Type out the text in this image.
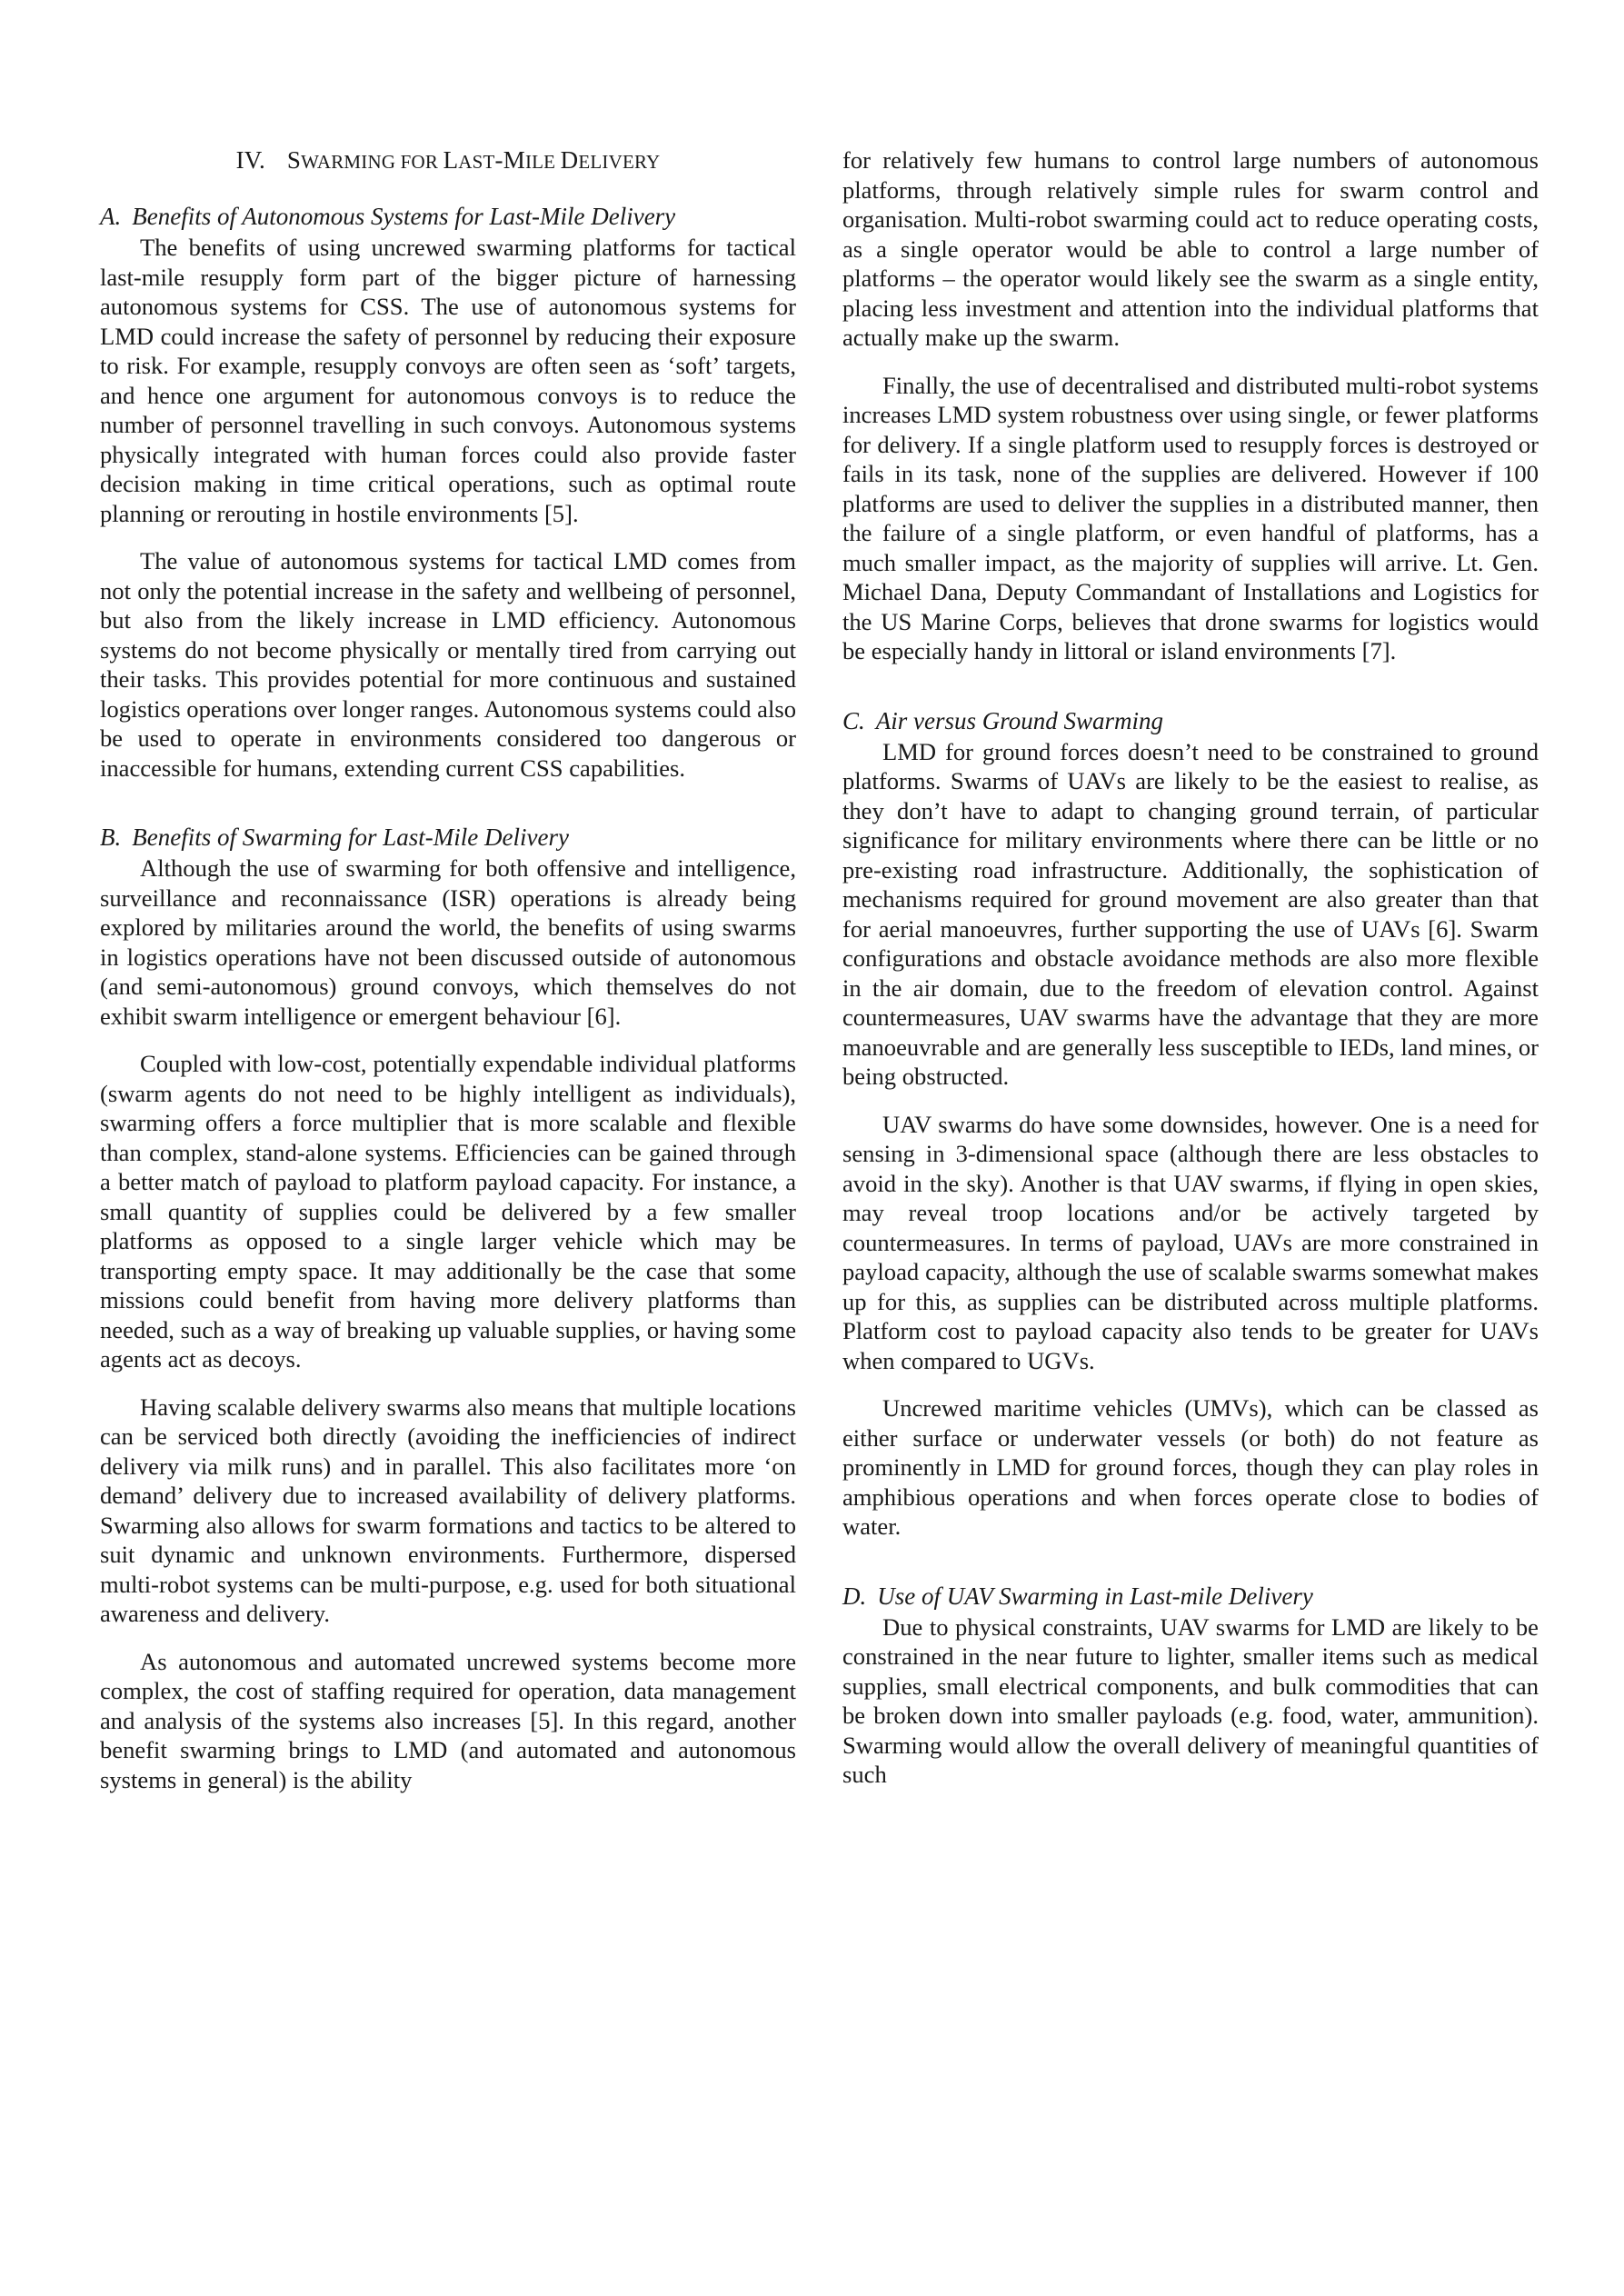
IV. SWARMING FOR LAST-MILE DELIVERY
A. Benefits of Autonomous Systems for Last-Mile Delivery

The benefits of using uncrewed swarming platforms for tactical last-mile resupply form part of the bigger picture of harnessing autonomous systems for CSS. The use of autonomous systems for LMD could increase the safety of personnel by reducing their exposure to risk. For example, resupply convoys are often seen as ‘soft’ targets, and hence one argument for autonomous convoys is to reduce the number of personnel travelling in such convoys. Autonomous systems physically integrated with human forces could also provide faster decision making in time critical operations, such as optimal route planning or rerouting in hostile environments [5].

The value of autonomous systems for tactical LMD comes from not only the potential increase in the safety and wellbeing of personnel, but also from the likely increase in LMD efficiency. Autonomous systems do not become physically or mentally tired from carrying out their tasks. This provides potential for more continuous and sustained logistics operations over longer ranges. Autonomous systems could also be used to operate in environments considered too dangerous or inaccessible for humans, extending current CSS capabilities.

B. Benefits of Swarming for Last-Mile Delivery

Although the use of swarming for both offensive and intelligence, surveillance and reconnaissance (ISR) operations is already being explored by militaries around the world, the benefits of using swarms in logistics operations have not been discussed outside of autonomous (and semi-autonomous) ground convoys, which themselves do not exhibit swarm intelligence or emergent behaviour [6].

Coupled with low-cost, potentially expendable individual platforms (swarm agents do not need to be highly intelligent as individuals), swarming offers a force multiplier that is more scalable and flexible than complex, stand-alone systems. Efficiencies can be gained through a better match of payload to platform payload capacity. For instance, a small quantity of supplies could be delivered by a few smaller platforms as opposed to a single larger vehicle which may be transporting empty space. It may additionally be the case that some missions could benefit from having more delivery platforms than needed, such as a way of breaking up valuable supplies, or having some agents act as decoys.

Having scalable delivery swarms also means that multiple locations can be serviced both directly (avoiding the inefficiencies of indirect delivery via milk runs) and in parallel. This also facilitates more ‘on demand’ delivery due to increased availability of delivery platforms. Swarming also allows for swarm formations and tactics to be altered to suit dynamic and unknown environments. Furthermore, dispersed multi-robot systems can be multi-purpose, e.g. used for both situational awareness and delivery.

As autonomous and automated uncrewed systems become more complex, the cost of staffing required for operation, data management and analysis of the systems also increases [5]. In this regard, another benefit swarming brings to LMD (and automated and autonomous systems in general) is the ability

for relatively few humans to control large numbers of autonomous platforms, through relatively simple rules for swarm control and organisation. Multi-robot swarming could act to reduce operating costs, as a single operator would be able to control a large number of platforms – the operator would likely see the swarm as a single entity, placing less investment and attention into the individual platforms that actually make up the swarm.

Finally, the use of decentralised and distributed multi-robot systems increases LMD system robustness over using single, or fewer platforms for delivery. If a single platform used to resupply forces is destroyed or fails in its task, none of the supplies are delivered. However if 100 platforms are used to deliver the supplies in a distributed manner, then the failure of a single platform, or even handful of platforms, has a much smaller impact, as the majority of supplies will arrive. Lt. Gen. Michael Dana, Deputy Commandant of Installations and Logistics for the US Marine Corps, believes that drone swarms for logistics would be especially handy in littoral or island environments [7].

C. Air versus Ground Swarming

LMD for ground forces doesn’t need to be constrained to ground platforms. Swarms of UAVs are likely to be the easiest to realise, as they don’t have to adapt to changing ground terrain, of particular significance for military environments where there can be little or no pre-existing road infrastructure. Additionally, the sophistication of mechanisms required for ground movement are also greater than that for aerial manoeuvres, further supporting the use of UAVs [6]. Swarm configurations and obstacle avoidance methods are also more flexible in the air domain, due to the freedom of elevation control. Against countermeasures, UAV swarms have the advantage that they are more manoeuvrable and are generally less susceptible to IEDs, land mines, or being obstructed.

UAV swarms do have some downsides, however. One is a need for sensing in 3-dimensional space (although there are less obstacles to avoid in the sky). Another is that UAV swarms, if flying in open skies, may reveal troop locations and/or be actively targeted by countermeasures. In terms of payload, UAVs are more constrained in payload capacity, although the use of scalable swarms somewhat makes up for this, as supplies can be distributed across multiple platforms. Platform cost to payload capacity also tends to be greater for UAVs when compared to UGVs.

Uncrewed maritime vehicles (UMVs), which can be classed as either surface or underwater vessels (or both) do not feature as prominently in LMD for ground forces, though they can play roles in amphibious operations and when forces operate close to bodies of water.

D. Use of UAV Swarming in Last-mile Delivery

Due to physical constraints, UAV swarms for LMD are likely to be constrained in the near future to lighter, smaller items such as medical supplies, small electrical components, and bulk commodities that can be broken down into smaller payloads (e.g. food, water, ammunition). Swarming would allow the overall delivery of meaningful quantities of such
